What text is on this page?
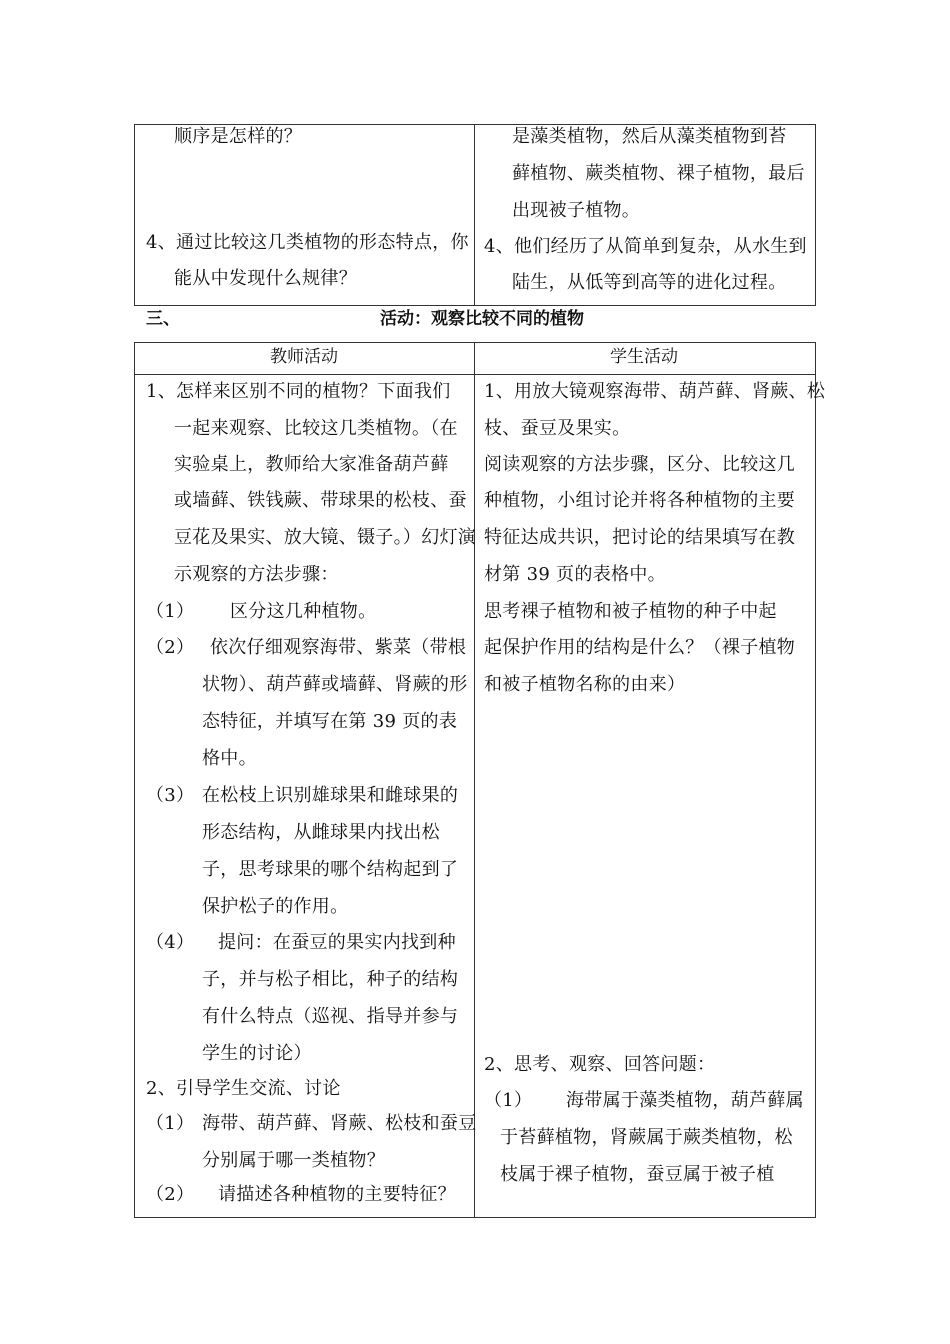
顺序是怎样的？
4、通过比较这几类植物的形态特点，你
能从中发现什么规律？
是藻类植物，然后从藻类植物到苔
藓植物、蕨类植物、裸子植物，最后
出现被子植物。
4、他们经历了从简单到复杂，从水生到
陆生，从低等到高等的进化过程。
三、	活动：观察比较不同的植物
教师活动	学生活动
1、怎样来区别不同的植物？下面我们
一起来观察、比较这几类植物。（在
实验桌上，教师给大家准备葫芦藓
或墙藓、铁钱蕨、带球果的松枝、蚕
豆花及果实、放大镜、镊子。）幻灯演
示观察的方法步骤：
（1） 区分这几种植物。
（2） 依次仔细观察海带、紫菜（带根
状物）、葫芦藓或墙藓、肾蕨的形
态特征，并填写在第 39 页的表
格中。
（3） 在松枝上识别雄球果和雌球果的
形态结构，从雌球果内找出松
子，思考球果的哪个结构起到了
保护松子的作用。
（4） 提问：在蚕豆的果实内找到种
子，并与松子相比，种子的结构
有什么特点（巡视、指导并参与
学生的讨论）
2、引导学生交流、讨论
（1） 海带、葫芦藓、肾蕨、松枝和蚕豆
分别属于哪一类植物？
（2） 请描述各种植物的主要特征？
1、用放大镜观察海带、葫芦藓、肾蕨、松
枝、蚕豆及果实。
阅读观察的方法步骤，区分、比较这几
种植物，小组讨论并将各种植物的主要
特征达成共识，把讨论的结果填写在教
材第 39 页的表格中。
思考裸子植物和被子植物的种子中起
起保护作用的结构是什么？（裸子植物
和被子植物名称的由来）
2、思考、观察、回答问题：
（1） 海带属于藻类植物，葫芦藓属
于苔藓植物，肾蕨属于蕨类植物，松
枝属于裸子植物，蚕豆属于被子植
